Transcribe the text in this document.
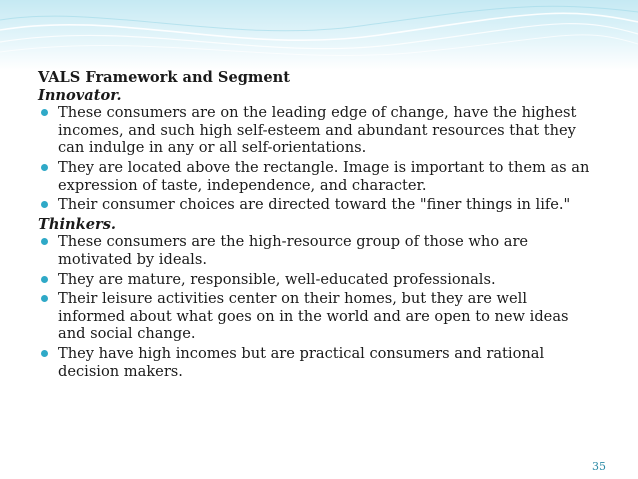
VALS Framework and Segment

Innovator.

These consumers are on the leading edge of change, have the highest incomes, and such high self-esteem and abundant resources that they can indulge in any or all self-orientations.
They are located above the rectangle. Image is important to them as an expression of taste, independence, and character.
Their consumer choices are directed toward the "finer things in life."

Thinkers.

These consumers are the high-resource group of those who are motivated by ideals.
They are mature, responsible, well-educated professionals.
Their leisure activities center on their homes, but they are well informed about what goes on in the world and are open to new ideas and social change.
They have high incomes but are practical consumers and rational decision makers.
35
